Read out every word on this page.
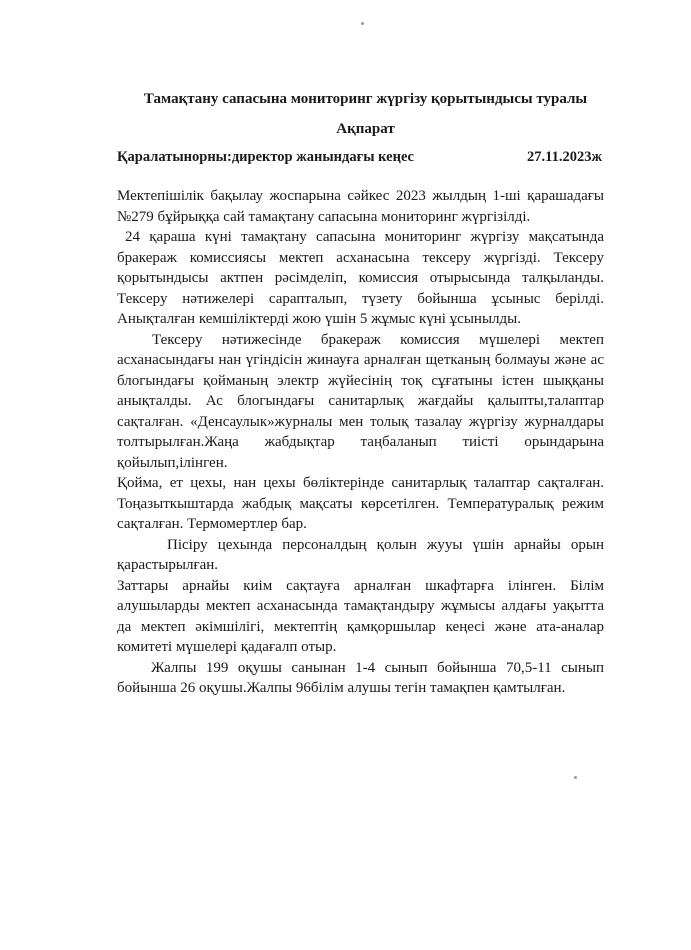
Тамақтану сапасына мониторинг жүргізу қорытындысы туралы
Ақпарат
Қаралатынорны:директор жанындағы кеңес	27.11.2023ж

Мектепішілік бақылау жоспарына сәйкес 2023 жылдың 1-ші қарашадағы №279 бұйрыққа сай тамақтану сапасына мониторинг жүргізілді.

24 қараша күні тамақтану сапасына мониторинг жүргізу мақсатында бракераж комиссиясы мектеп асханасына тексеру жүргізді. Тексеру қорытындысы актпен рәсімделіп, комиссия отырысында талқыланды. Тексеру нәтижелері сарапталып, түзету бойынша ұсыныс берілді. Анықталған кемшіліктерді жою үшін 5 жұмыс күні ұсынылды.

Тексеру нәтижесінде бракераж комиссия мүшелері мектеп асханасындағы нан үгіндісін жинауға арналған щетканың болмауы және ас блогындағы қойманың электр жүйесінің тоқ сұғатыны істен шыққаны анықталды. Ас блогындағы санитарлық жағдайы қалыпты,талаптар сақталған. «Денсаулык»журналы мен толық тазалау жүргізу журналдары толтырылған.Жаңа жабдықтар таңбаланып тиісті орындарына қойылып,ілінген.

Қойма, ет цехы, нан цехы бөліктерінде санитарлық талаптар сақталған. Тоңазыткыштарда жабдық мақсаты көрсетілген. Температуралық режим сақталған. Термомертлер бар.

Пісіру цехында персоналдың қолын жууы үшін арнайы орын қарастырылған.

Заттары арнайы киім сақтауға арналған шкафтарға ілінген. Білім алушыларды мектеп асханасында тамақтандыру жұмысы алдағы уақытта да мектеп әкімшілігі, мектептің қамқоршылар кеңесі және ата-аналар комитеті мүшелері қадағалп отыр.

Жалпы 199 оқушы санынан 1-4 сынып бойынша 70,5-11 сынып бойынша 26 оқушы.Жалпы 96білім алушы тегін тамақпен қамтылған.
